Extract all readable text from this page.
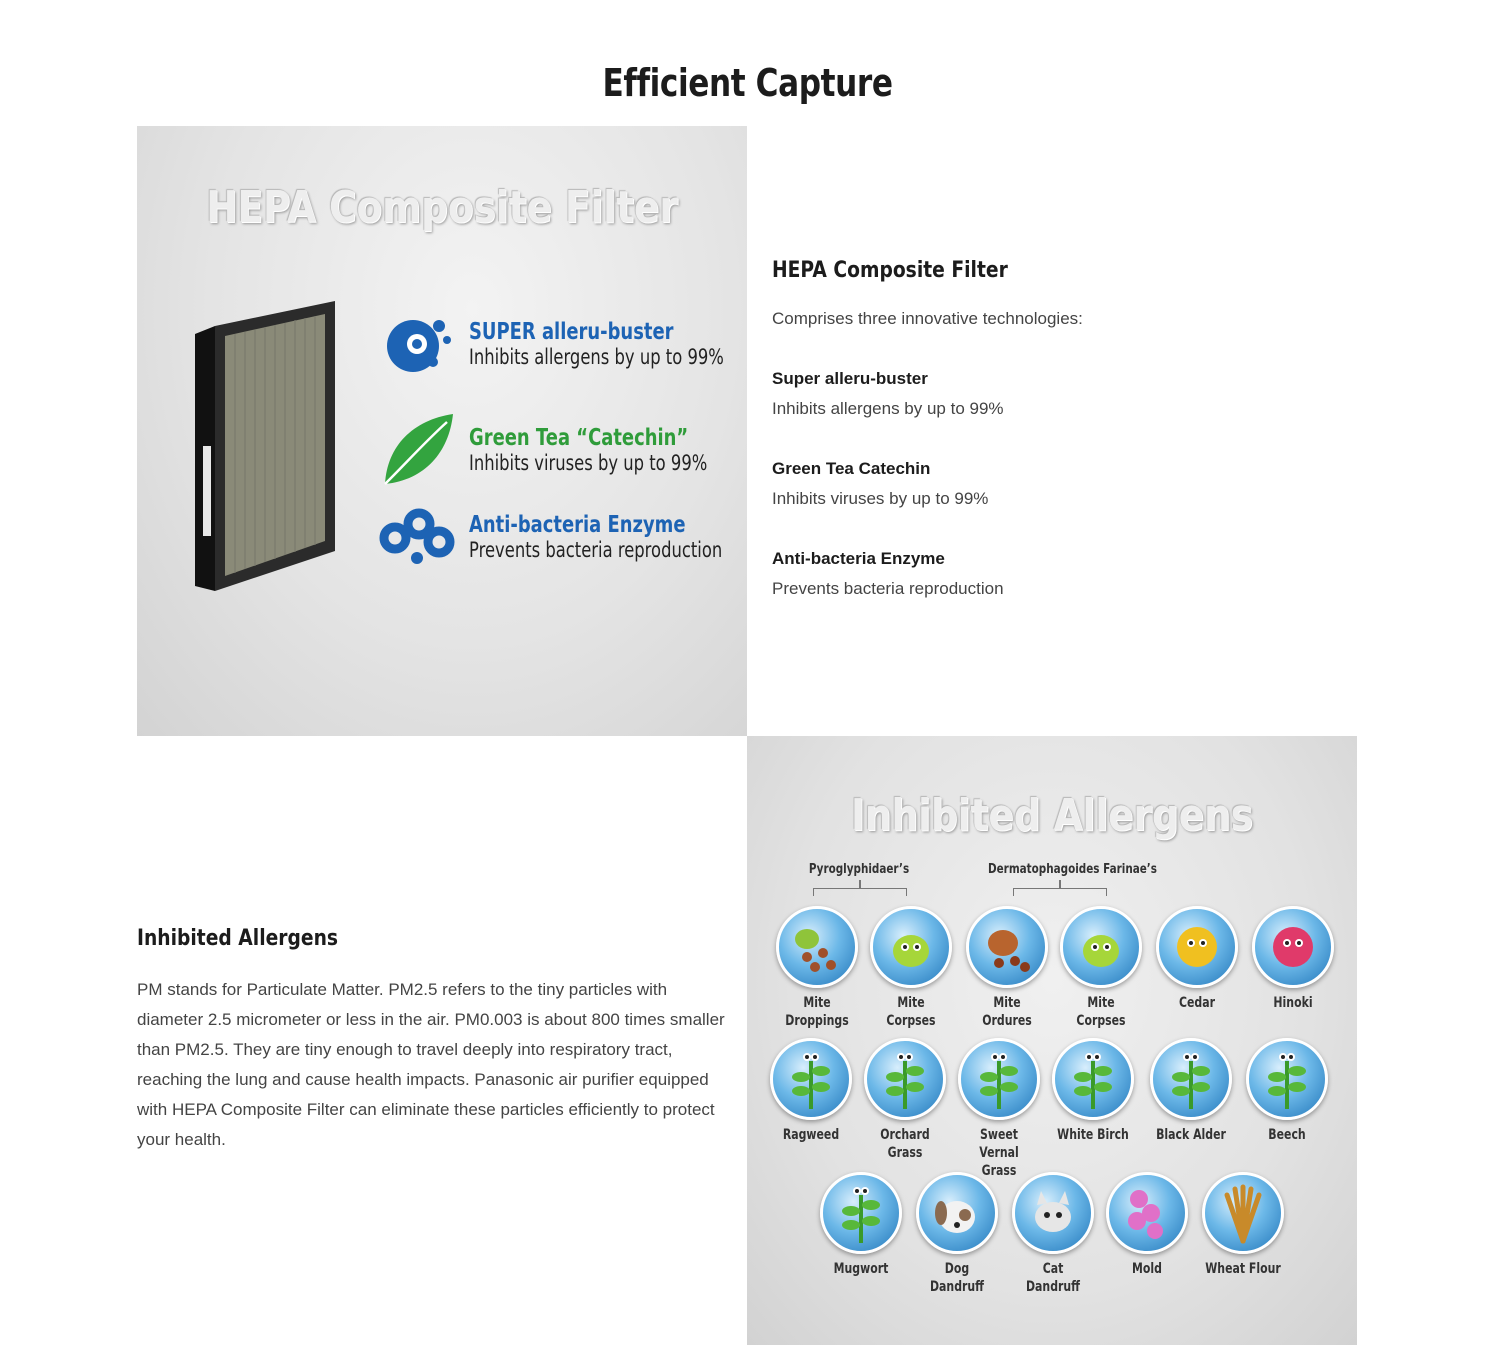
Efficient Capture
HEPA Composite Filter
SUPER alleru-buster
Inhibits allergens by up to 99%
Green Tea “Catechin”
Inhibits viruses by up to 99%
Anti-bacteria Enzyme
Prevents bacteria reproduction
HEPA Composite Filter

Comprises three innovative technologies:

Super alleru-buster

Inhibits allergens by up to 99%

Green Tea Catechin

Inhibits viruses by up to 99%

Anti-bacteria Enzyme

Prevents bacteria reproduction

Inhibited Allergens

PM stands for Particulate Matter. PM2.5 refers to the tiny particles with diameter 2.5 micrometer or less in the air. PM0.003 is about 800 times smaller than PM2.5. They are tiny enough to travel deeply into respiratory tract, reaching the lung and cause health impacts. Panasonic air purifier equipped with HEPA Composite Filter can eliminate these particles efficiently to protect your health.

Inhibited Allergens
Pyroglyphidaer’s	Dermatophagoides Farinae’s
Mite
Droppings
Mite
Corpses
Mite Ordures
Mite
Corpses
Cedar	Hinoki
Ragweed	Orchard
Grass
Sweet Vernal
Grass
White Birch Black Alder	Beech
Mugwort	Dog Dandruff
Cat Dandruff
Mold	Wheat Flour
